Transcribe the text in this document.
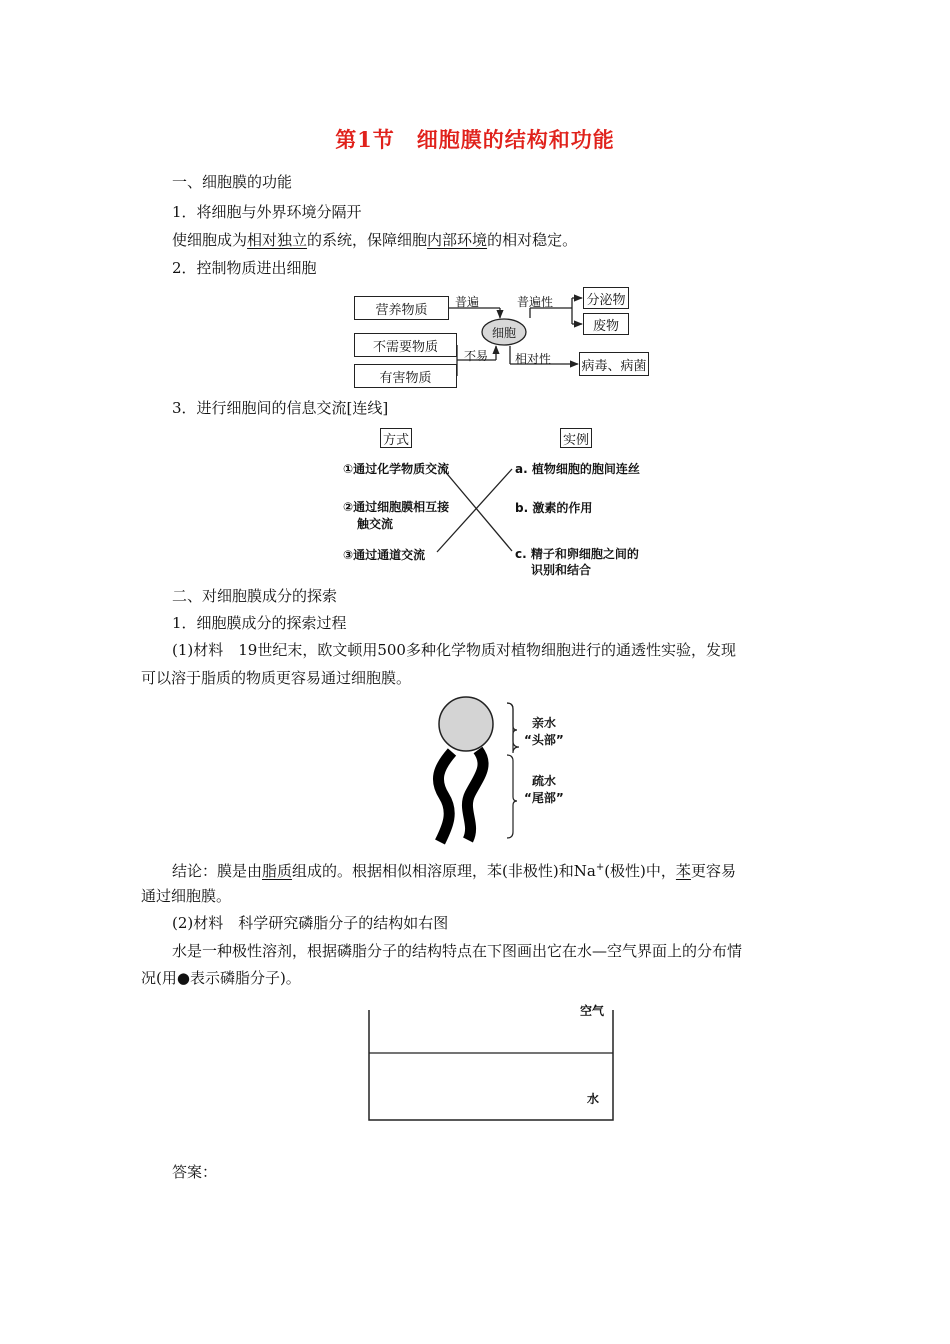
第1节　细胞膜的结构和功能
一、细胞膜的功能
1．将细胞与外界环境分隔开
使细胞成为相对独立的系统，保障细胞内部环境的相对稳定。
2．控制物质进出细胞
营养物质
不需要物质
有害物质
细胞
分泌物
废物
病毒、病菌
普遍
不易
普遍性
相对性
3．进行细胞间的信息交流[连线]
方式	实例
①通过化学物质交流
②通过细胞膜相互接
触交流
③通过通道交流
a. 植物细胞的胞间连丝
b. 激素的作用
c. 精子和卵细胞之间的
识别和结合
二、对细胞膜成分的探索
1．细胞膜成分的探索过程
(1)材料　19世纪末，欧文顿用500多种化学物质对植物细胞进行的通透性实验，发现
可以溶于脂质的物质更容易通过细胞膜。
亲水
“头部”
疏水
“尾部”
结论：膜是由脂质组成的。根据相似相溶原理，苯(非极性)和Na+(极性)中，苯更容易
通过细胞膜。
(2)材料　科学研究磷脂分子的结构如右图
水是一种极性溶剂，根据磷脂分子的结构特点在下图画出它在水—空气界面上的分布情
况(用●表示磷脂分子)。
空气
水
答案：
